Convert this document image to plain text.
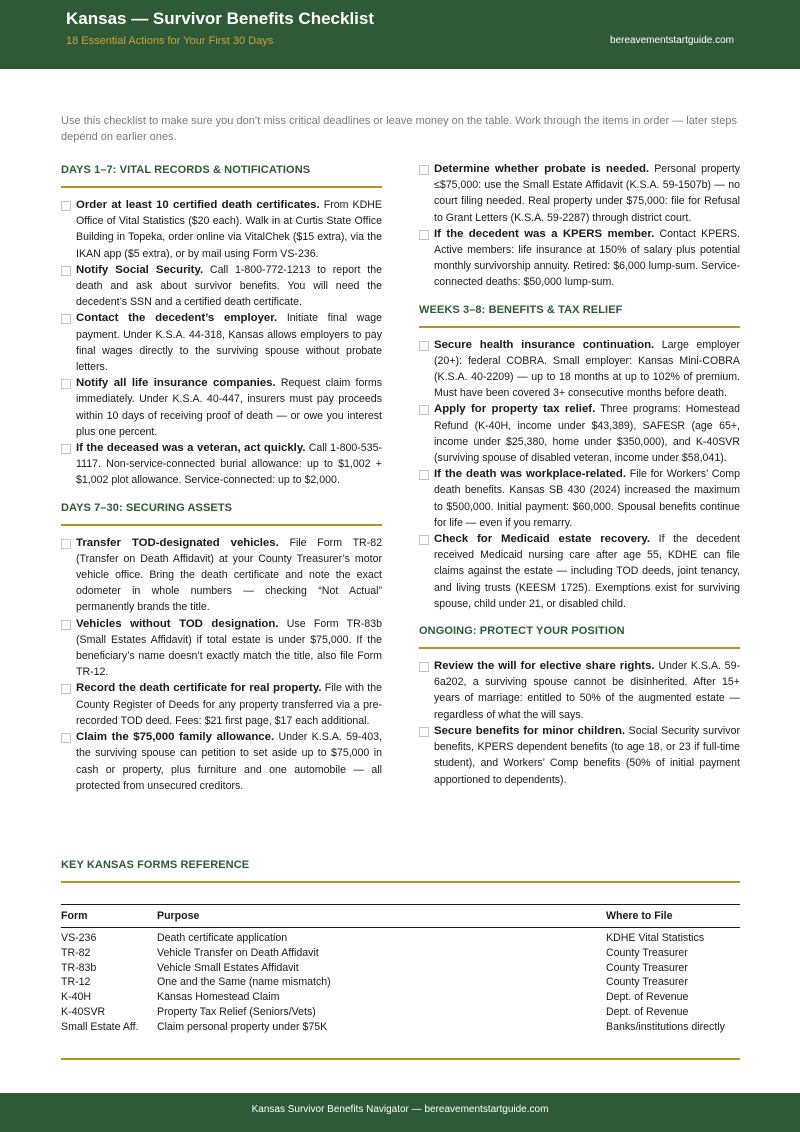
Kansas — Survivor Benefits Checklist
18 Essential Actions for Your First 30 Days	bereavementstartguide.com
Use this checklist to make sure you don’t miss critical deadlines or leave money on the table. Work through the items in order — later steps depend on earlier ones.
DAYS 1–7: VITAL RECORDS & NOTIFICATIONS
Order at least 10 certified death certificates. From KDHE Office of Vital Statistics ($20 each). Walk in at Curtis State Office Building in Topeka, order online via VitalChek ($15 extra), via the IKAN app ($5 extra), or by mail using Form VS-236.
Notify Social Security. Call 1-800-772-1213 to report the death and ask about survivor benefits. You will need the decedent’s SSN and a certified death certificate.
Contact the decedent’s employer. Initiate final wage payment. Under K.S.A. 44-318, Kansas allows employers to pay final wages directly to the surviving spouse without probate letters.
Notify all life insurance companies. Request claim forms immediately. Under K.S.A. 40-447, insurers must pay proceeds within 10 days of receiving proof of death — or owe you interest plus one percent.
If the deceased was a veteran, act quickly. Call 1-800-535-1117. Non-service-connected burial allowance: up to $1,002 + $1,002 plot allowance. Service-connected: up to $2,000.
DAYS 7–30: SECURING ASSETS
Transfer TOD-designated vehicles. File Form TR-82 (Transfer on Death Affidavit) at your County Treasurer’s motor vehicle office. Bring the death certificate and note the exact odometer in whole numbers — checking “Not Actual” permanently brands the title.
Vehicles without TOD designation. Use Form TR-83b (Small Estates Affidavit) if total estate is under $75,000. If the beneficiary’s name doesn’t exactly match the title, also file Form TR-12.
Record the death certificate for real property. File with the County Register of Deeds for any property transferred via a pre-recorded TOD deed. Fees: $21 first page, $17 each additional.
Claim the $75,000 family allowance. Under K.S.A. 59-403, the surviving spouse can petition to set aside up to $75,000 in cash or property, plus furniture and one automobile — all protected from unsecured creditors.
Determine whether probate is needed. Personal property ≤$75,000: use the Small Estate Affidavit (K.S.A. 59-1507b) — no court filing needed. Real property under $75,000: file for Refusal to Grant Letters (K.S.A. 59-2287) through district court.
If the decedent was a KPERS member. Contact KPERS. Active members: life insurance at 150% of salary plus potential monthly survivorship annuity. Retired: $6,000 lump-sum. Service-connected deaths: $50,000 lump-sum.
WEEKS 3–8: BENEFITS & TAX RELIEF
Secure health insurance continuation. Large employer (20+): federal COBRA. Small employer: Kansas Mini-COBRA (K.S.A. 40-2209) — up to 18 months at up to 102% of premium. Must have been covered 3+ consecutive months before death.
Apply for property tax relief. Three programs: Homestead Refund (K-40H, income under $43,389), SAFESR (age 65+, income under $25,380, home under $350,000), and K-40SVR (surviving spouse of disabled veteran, income under $58,041).
If the death was workplace-related. File for Workers’ Comp death benefits. Kansas SB 430 (2024) increased the maximum to $500,000. Initial payment: $60,000. Spousal benefits continue for life — even if you remarry.
Check for Medicaid estate recovery. If the decedent received Medicaid nursing care after age 55, KDHE can file claims against the estate — including TOD deeds, joint tenancy, and living trusts (KEESM 1725). Exemptions exist for surviving spouse, child under 21, or disabled child.
ONGOING: PROTECT YOUR POSITION
Review the will for elective share rights. Under K.S.A. 59-6a202, a surviving spouse cannot be disinherited. After 15+ years of marriage: entitled to 50% of the augmented estate — regardless of what the will says.
Secure benefits for minor children. Social Security survivor benefits, KPERS dependent benefits (to age 18, or 23 if full-time student), and Workers’ Comp benefits (50% of initial payment apportioned to dependents).
KEY KANSAS FORMS REFERENCE
Form	Purpose	Where to File
VS-236	Death certificate application	KDHE Vital Statistics
TR-82	Vehicle Transfer on Death Affidavit	County Treasurer
TR-83b	Vehicle Small Estates Affidavit	County Treasurer
TR-12	One and the Same (name mismatch)	County Treasurer
K-40H	Kansas Homestead Claim	Dept. of Revenue
K-40SVR	Property Tax Relief (Seniors/Vets)	Dept. of Revenue
Small Estate Aff.	Claim personal property under $75K	Banks/institutions directly
Kansas Survivor Benefits Navigator — bereavementstartguide.com
